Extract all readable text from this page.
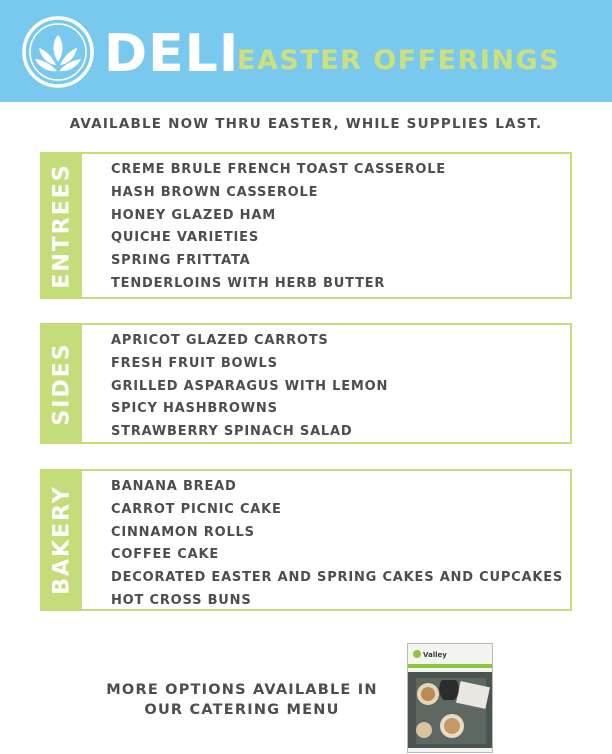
DELI
EASTER OFFERINGS
AVAILABLE NOW THRU EASTER, WHILE SUPPLIES LAST.
ENTREES	CREME BRULE FRENCH TOAST CASSEROLE
HASH BROWN CASSEROLE
HONEY GLAZED HAM
QUICHE VARIETIES
SPRING FRITTATA
TENDERLOINS WITH HERB BUTTER
SIDES
APRICOT GLAZED CARROTS
FRESH FRUIT BOWLS
GRILLED ASPARAGUS WITH LEMON
SPICY HASHBROWNS
STRAWBERRY SPINACH SALAD
BAKERY	BANANA BREAD
CARROT PICNIC CAKE
CINNAMON ROLLS
COFFEE CAKE
DECORATED EASTER AND SPRING CAKES AND CUPCAKES
HOT CROSS BUNS
MORE OPTIONS AVAILABLE IN
OUR CATERING MENU
Valley
